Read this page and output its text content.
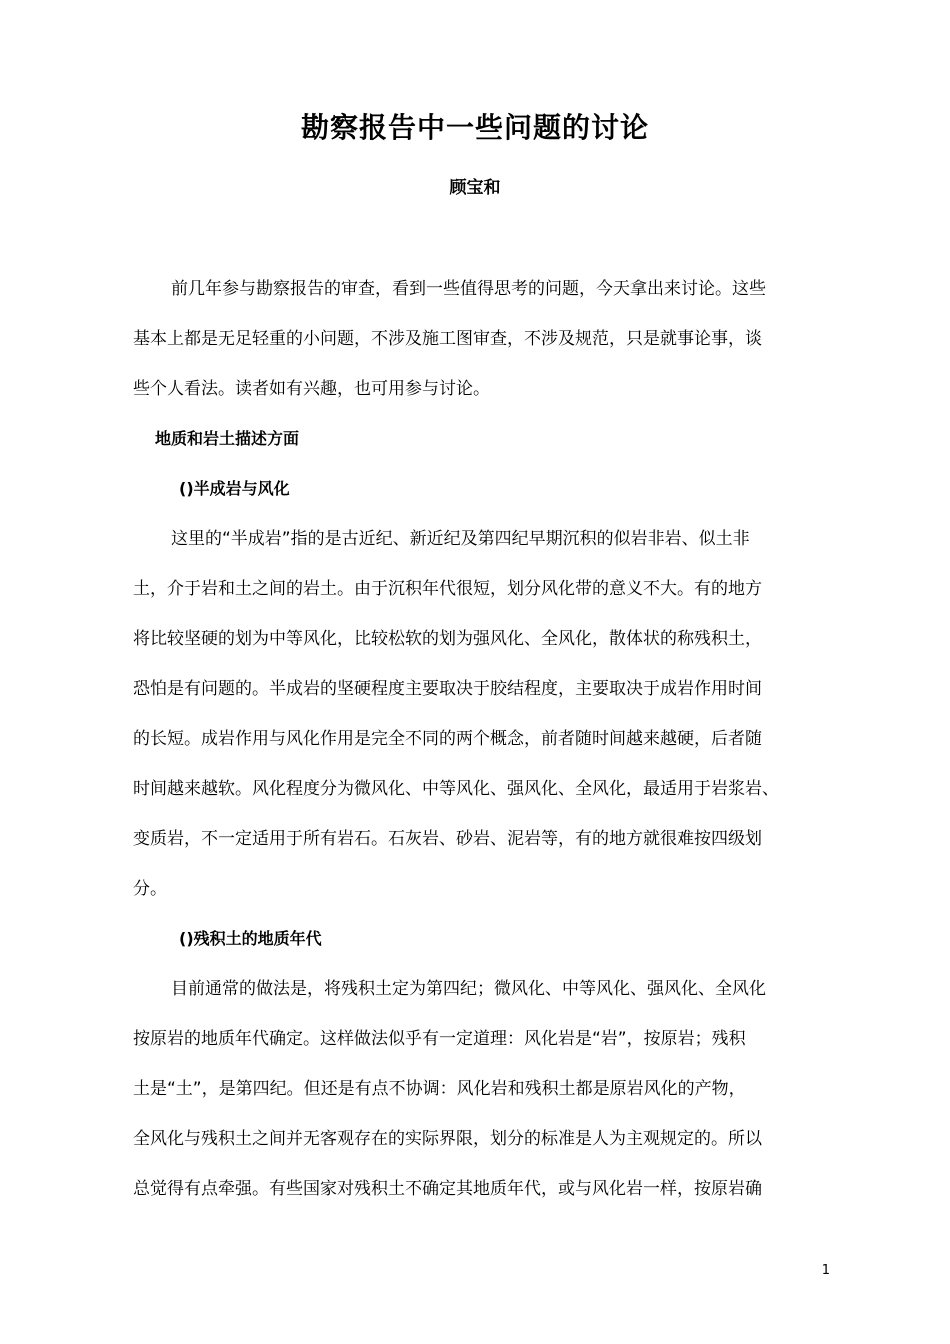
勘察报告中一些问题的讨论
顾宝和
前几年参与勘察报告的审查，看到一些值得思考的问题，今天拿出来讨论。这些
基本上都是无足轻重的小问题，不涉及施工图审查，不涉及规范，只是就事论事，谈
些个人看法。读者如有兴趣，也可用参与讨论。
地质和岩土描述方面
()半成岩与风化
这里的“半成岩”指的是古近纪、新近纪及第四纪早期沉积的似岩非岩、似土非
土，介于岩和土之间的岩土。由于沉积年代很短，划分风化带的意义不大。有的地方
将比较坚硬的划为中等风化，比较松软的划为强风化、全风化，散体状的称残积土，
恐怕是有问题的。半成岩的坚硬程度主要取决于胶结程度，主要取决于成岩作用时间
的长短。成岩作用与风化作用是完全不同的两个概念，前者随时间越来越硬，后者随
时间越来越软。风化程度分为微风化、中等风化、强风化、全风化，最适用于岩浆岩、
变质岩，不一定适用于所有岩石。石灰岩、砂岩、泥岩等，有的地方就很难按四级划
分。
()残积土的地质年代
目前通常的做法是，将残积土定为第四纪；微风化、中等风化、强风化、全风化
按原岩的地质年代确定。这样做法似乎有一定道理：风化岩是“岩”，按原岩；残积
土是“土”，是第四纪。但还是有点不协调：风化岩和残积土都是原岩风化的产物，
全风化与残积土之间并无客观存在的实际界限，划分的标准是人为主观规定的。所以
总觉得有点牵强。有些国家对残积土不确定其地质年代，或与风化岩一样，按原岩确
1
